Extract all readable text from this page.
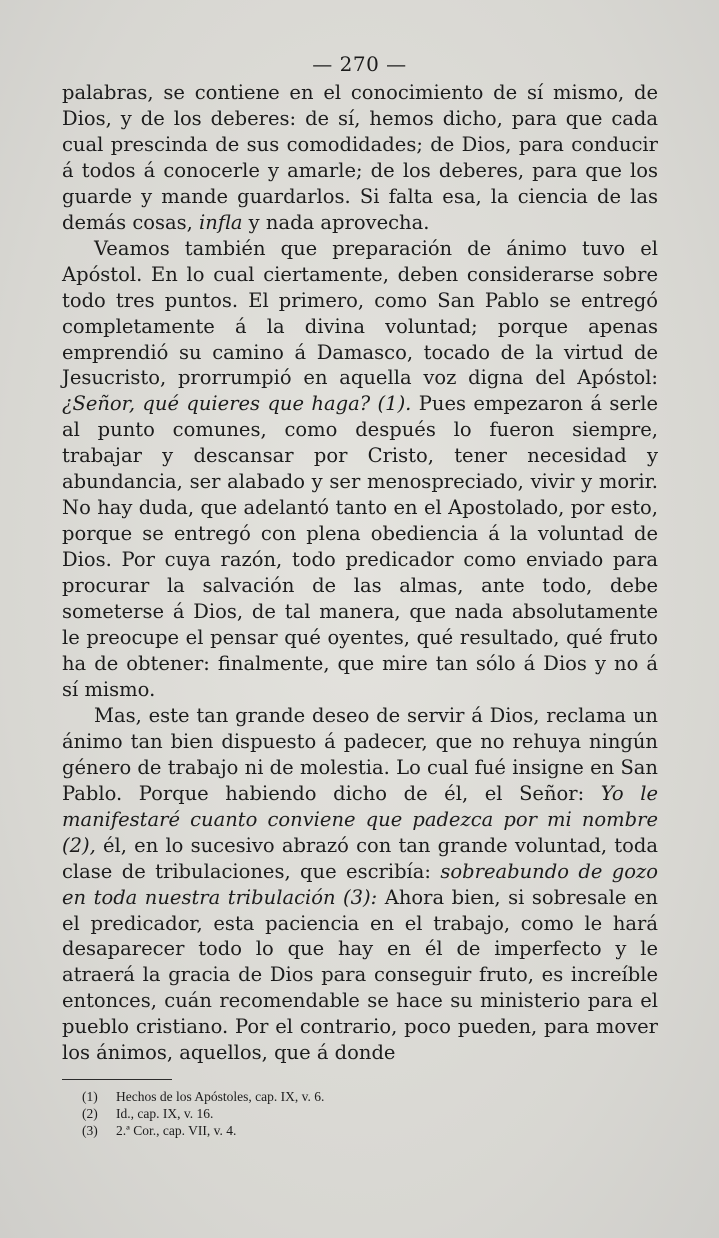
— 270 —

palabras, se contiene en el conocimiento de sí mismo, de Dios, y de los deberes: de sí, hemos dicho, para que cada cual prescinda de sus comodidades; de Dios, para conducir á todos á conocerle y amarle; de los deberes, para que los guarde y mande guardarlos. Si falta esa, la ciencia de las demás cosas, infla y nada aprovecha.

Veamos también que preparación de ánimo tuvo el Apóstol. En lo cual ciertamente, deben considerarse sobre todo tres puntos. El primero, como San Pablo se entregó completamente á la divina voluntad; porque apenas emprendió su camino á Damasco, tocado de la virtud de Jesucristo, prorrumpió en aquella voz digna del Apóstol: ¿Señor, qué quieres que haga? (1). Pues empezaron á serle al punto comunes, como después lo fueron siempre, trabajar y descansar por Cristo, tener necesidad y abundancia, ser alabado y ser menospreciado, vivir y morir. No hay duda, que adelantó tanto en el Apostolado, por esto, porque se entregó con plena obediencia á la voluntad de Dios. Por cuya razón, todo predicador como enviado para procurar la salvación de las almas, ante todo, debe someterse á Dios, de tal manera, que nada absolutamente le preocupe el pensar qué oyentes, qué resultado, qué fruto ha de obtener: finalmente, que mire tan sólo á Dios y no á sí mismo.

Mas, este tan grande deseo de servir á Dios, reclama un ánimo tan bien dispuesto á padecer, que no rehuya ningún género de trabajo ni de molestia. Lo cual fué insigne en San Pablo. Porque habiendo dicho de él, el Señor: Yo le manifestaré cuanto conviene que padezca por mi nombre (2), él, en lo sucesivo abrazó con tan grande voluntad, toda clase de tribulaciones, que escribía: sobreabundo de gozo en toda nuestra tribulación (3): Ahora bien, si sobresale en el predicador, esta paciencia en el trabajo, como le hará desaparecer todo lo que hay en él de imperfecto y le atraerá la gracia de Dios para conseguir fruto, es increíble entonces, cuán recomendable se hace su ministerio para el pueblo cristiano. Por el contrario, poco pueden, para mover los ánimos, aquellos, que á donde

(1) Hechos de los Apóstoles, cap. IX, v. 6.
(2) Id., cap. IX, v. 16.
(3) 2.ª Cor., cap. VII, v. 4.
